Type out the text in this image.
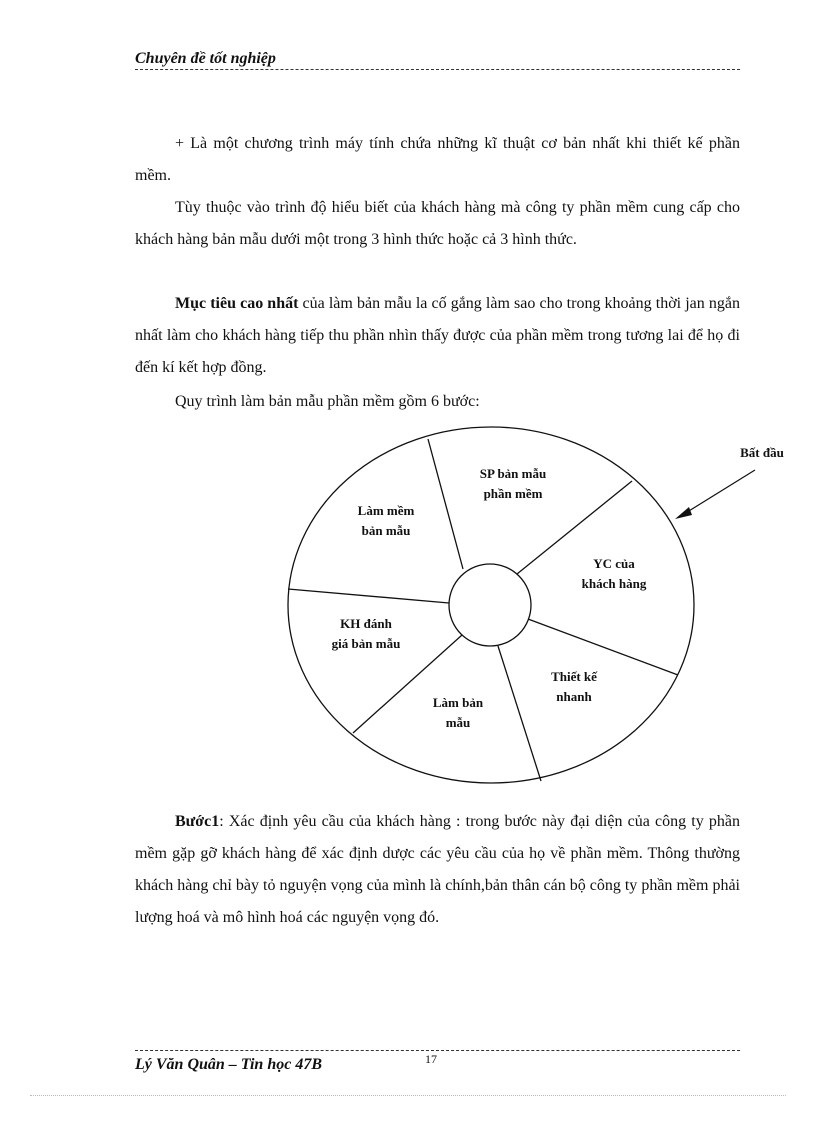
Chuyên đề tốt nghiệp
+ Là một chương trình máy tính chứa những kĩ thuật cơ bản nhất khi thiết kế phần mềm.
Tùy thuộc vào trình độ hiểu biết của khách hàng mà công ty phần mềm cung cấp cho khách hàng bản mẫu dưới một trong 3 hình thức hoặc cả 3 hình thức.
Mục tiêu cao nhất của làm bản mẫu la cố gắng làm sao cho trong khoảng thời jan ngắn nhất làm cho khách hàng tiếp thu phần nhìn thấy được của phần mềm trong tương lai để họ đi đến kí kết hợp đồng.
Quy trình làm bản mẫu phần mềm gồm 6 bước:
SP bản mẫu
phần mềm
YC của
khách hàng
Thiết kế
nhanh
Làm bản
mẫu
KH đánh
giá bản mẫu
Làm mềm
bản mẫu
Bất đầu
Bước1: Xác định yêu cầu của khách hàng : trong bước này đại diện của công ty phần mềm gặp gỡ khách hàng để xác định dược các yêu cầu của họ về phần mềm. Thông thường khách hàng chỉ bày tỏ nguyện vọng của mình là chính,bản thân cán bộ công ty phần mềm phải lượng hoá và mô hình hoá các nguyện vọng đó.
Lý Văn Quân – Tin học 47B	17
